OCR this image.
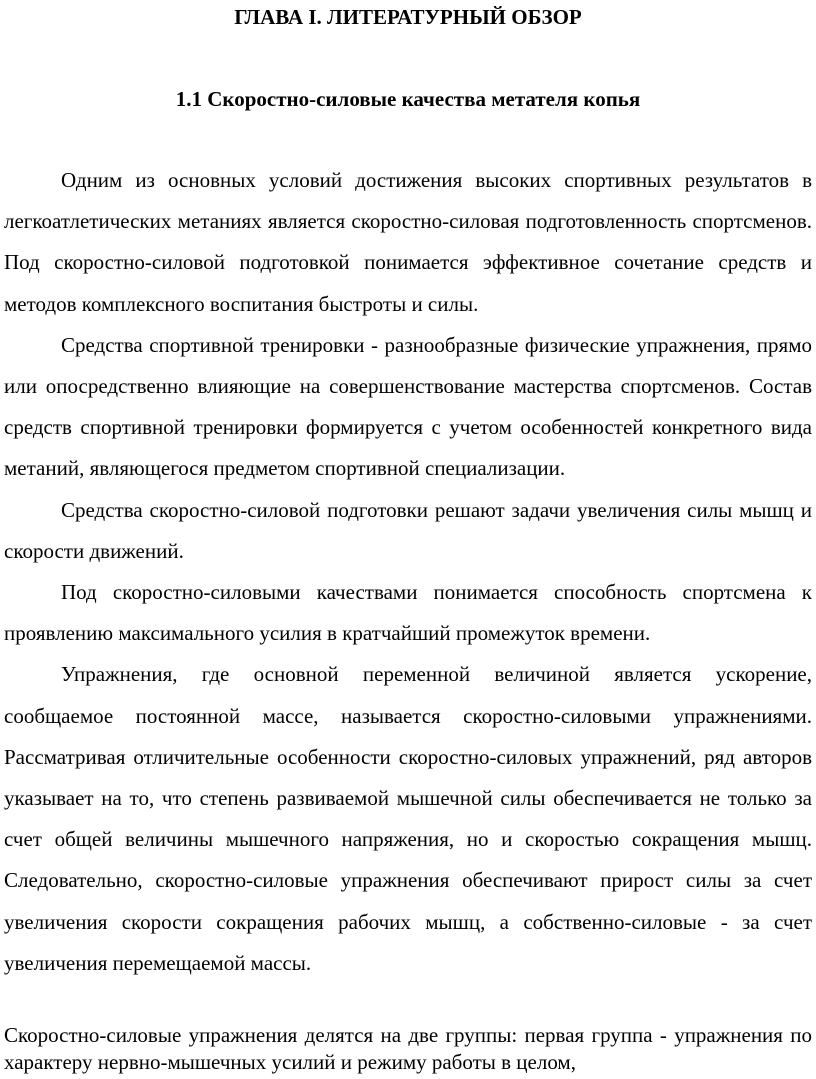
ГЛАВА I. ЛИТЕРАТУРНЫЙ ОБЗОР
1.1 Скоростно-силовые качества метателя копья

Одним из основных условий достижения высоких спортивных результатов в легкоатлетических метаниях является скоростно-силовая подготовленность спортсменов. Под скоростно-силовой подготовкой понимается эффективное сочетание средств и методов комплексного воспитания быстроты и силы.

Средства спортивной тренировки - разнообразные физические упражнения, прямо или опосредственно влияющие на совершенствование мастерства спортсменов. Состав средств спортивной тренировки формируется с учетом особенностей конкретного вида метаний, являющегося предметом спортивной специализации.

Средства скоростно-силовой подготовки решают задачи увеличения силы мышц и скорости движений.

Под скоростно-силовыми качествами понимается способность спортсмена к проявлению максимального усилия в кратчайший промежуток времени.

Упражнения, где основной переменной величиной является ускорение, сообщаемое постоянной массе, называется скоростно-силовыми упражнениями. Рассматривая отличительные особенности скоростно-силовых упражнений, ряд авторов указывает на то, что степень развиваемой мышечной силы обеспечивается не только за счет общей величины мышечного напряжения, но и скоростью сокращения мышц. Следовательно, скоростно-силовые упражнения обеспечивают прирост силы за счет увеличения скорости сокращения рабочих мышц, а собственно-силовые - за счет увеличения перемещаемой массы.

Скоростно-силовые упражнения делятся на две группы: первая группа - упражнения по характеру нервно-мышечных усилий и режиму работы в целом,
